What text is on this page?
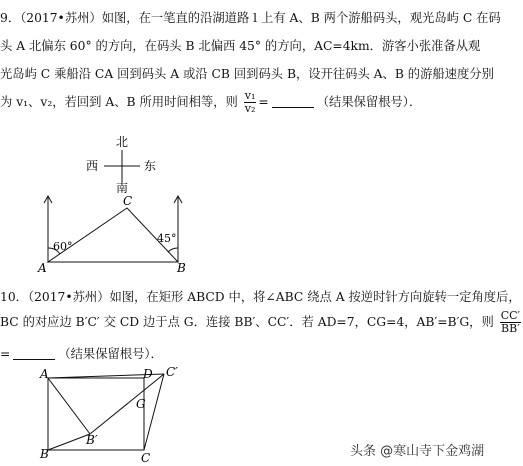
9．（2017•苏州）如图，在一笔直的沿湖道路 l 上有 A、B 两个游船码头，观光岛屿 C 在码
头 A 北偏东 60° 的方向，在码头 B 北偏西 45° 的方向，AC=4km．游客小张准备从观
光岛屿 C 乘船沿 CA 回到码头 A 或沿 CB 回到码头 B，设开往码头 A、B 的游船速度分别
为 v₁、v₂，若回到 A、B 所用时间相等，则 $\frac{\text{v₁}}{\text{v₂}}$ =	（结果保留根号）．
北
西	东
南
C
A	B
60°
45°
A
B	C
D C′
G
B′
10．（2017•苏州）如图，在矩形 ABCD 中，将∠ABC 绕点 A 按逆时针方向旋转一定角度后，
BC 的对应边 B′C′ 交 CD 边于点 G．连接 BB′、CC′．若 AD=7，CG=4，AB′=B′G，则 $\frac{CC'}{BB'}$
=	（结果保留根号）．
头条 @寒山寺下金鸡湖
